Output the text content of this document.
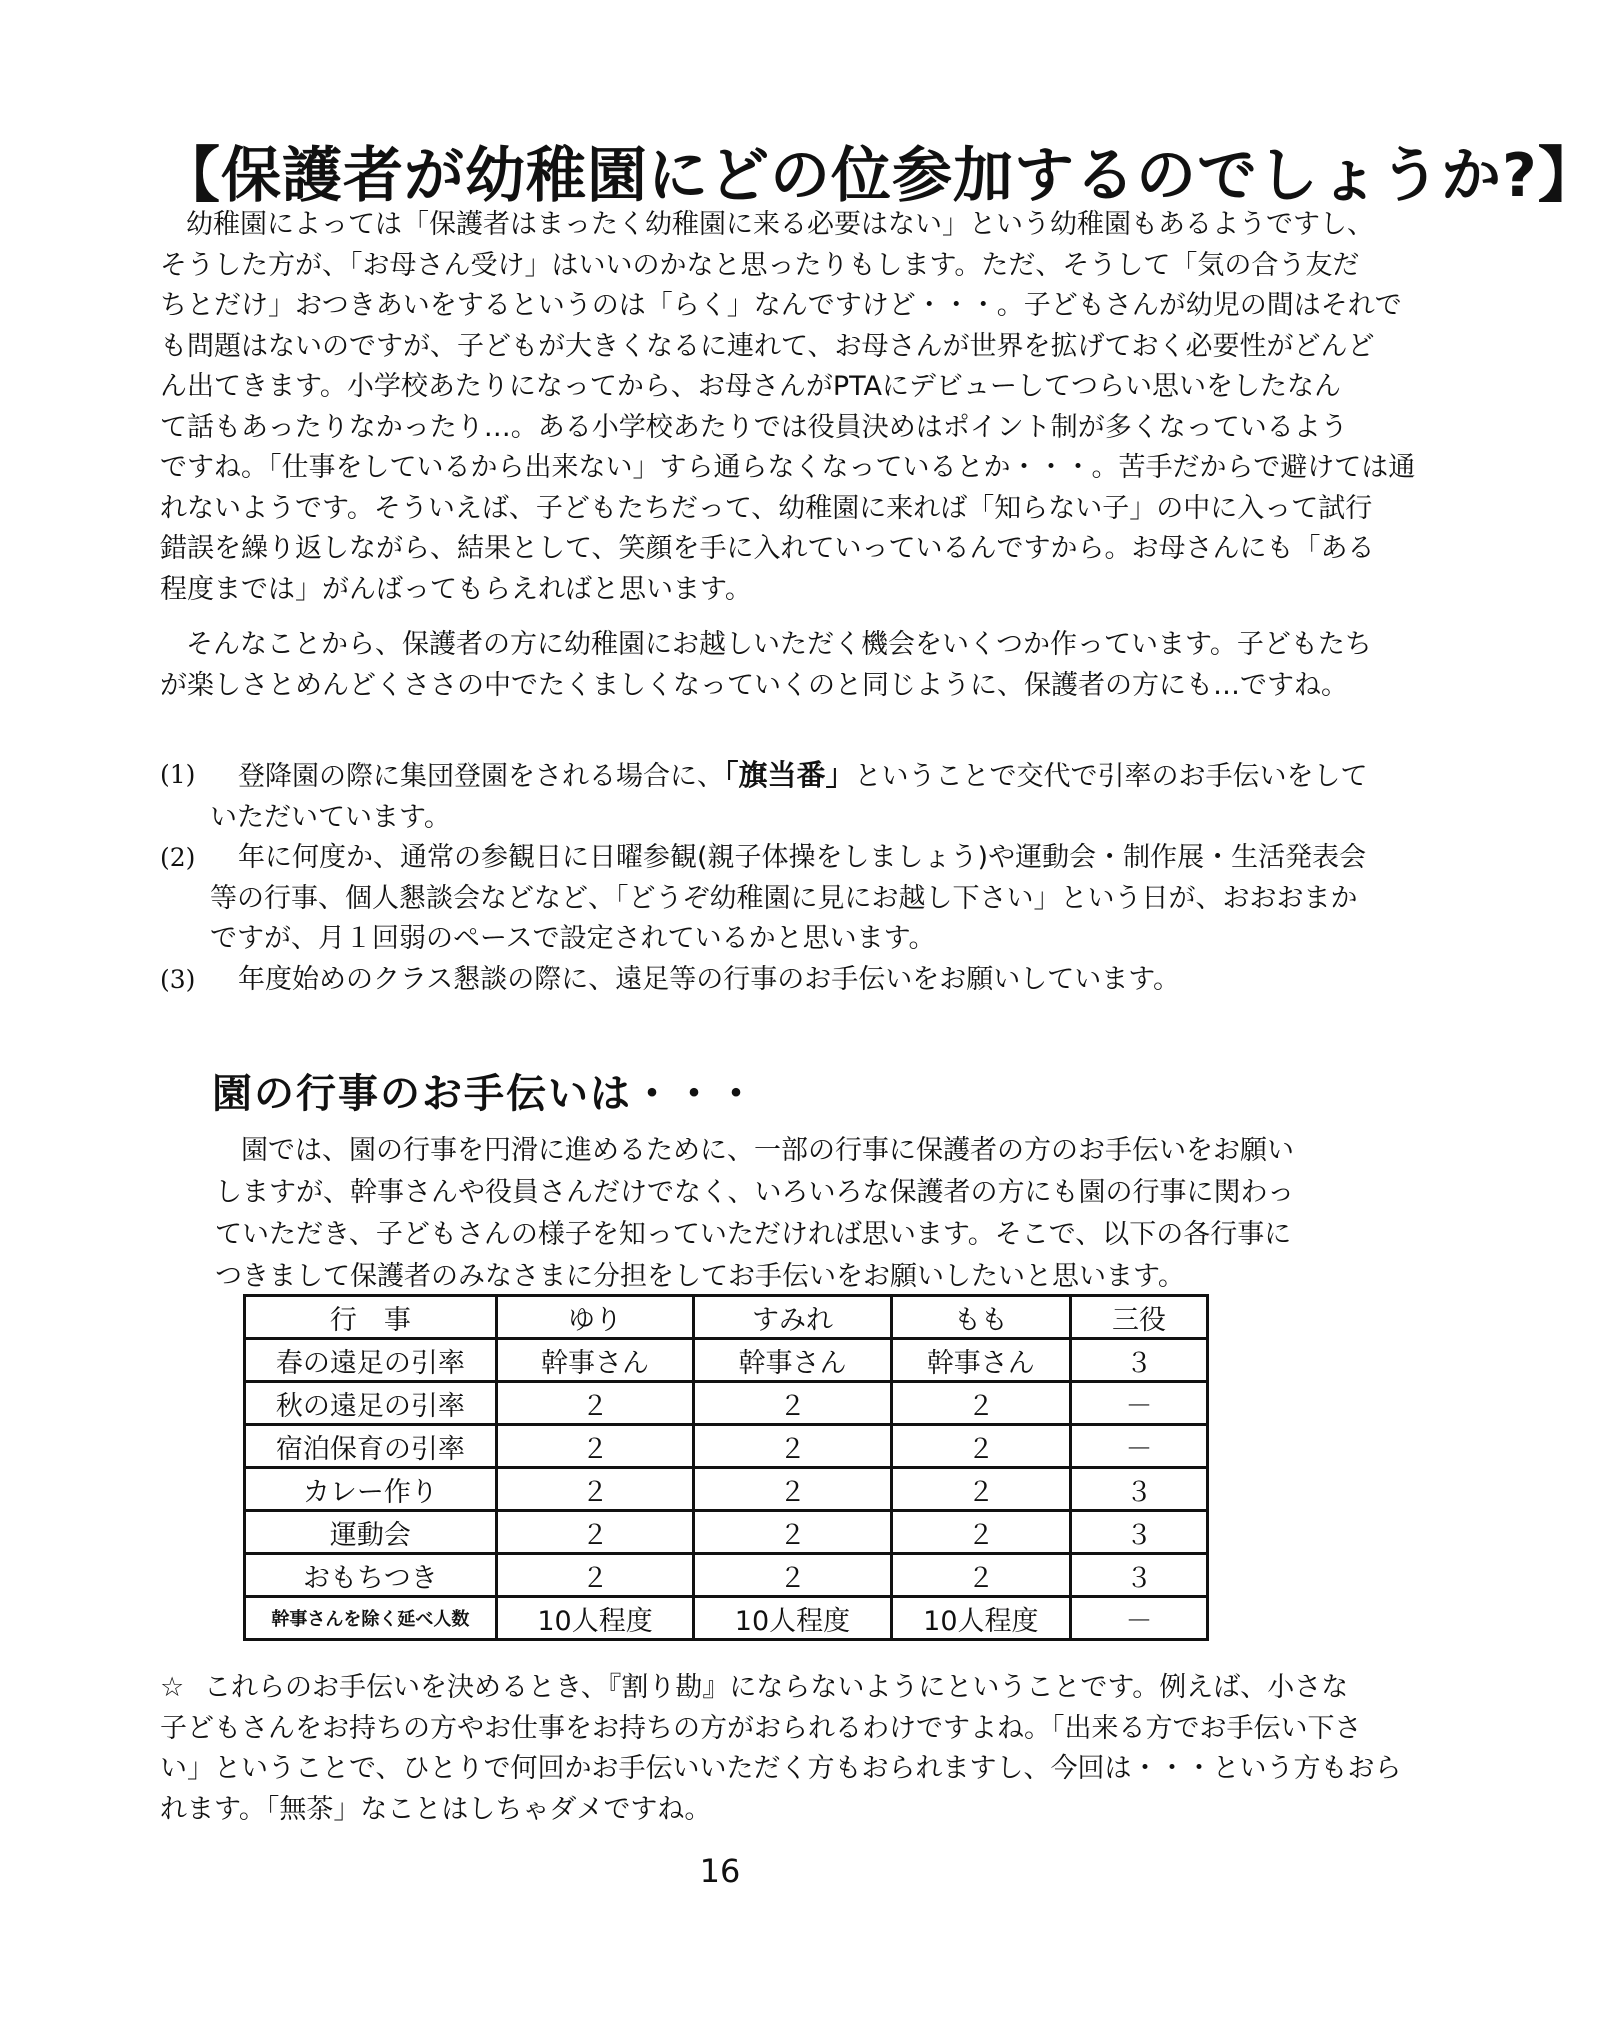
【保護者が幼稚園にどの位参加するのでしょうか?】
幼稚園によっては「保護者はまったく幼稚園に来る必要はない」という幼稚園もあるようですし、
そうした方が、「お母さん受け」はいいのかなと思ったりもします。ただ、そうして「気の合う友だ
ちとだけ」おつきあいをするというのは「らく」なんですけど・・・。子どもさんが幼児の間はそれで
も問題はないのですが、子どもが大きくなるに連れて、お母さんが世界を拡げておく必要性がどんど
ん出てきます。小学校あたりになってから、お母さんがPTAにデビューしてつらい思いをしたなん
て話もあったりなかったり…。ある小学校あたりでは役員決めはポイント制が多くなっているよう
ですね。「仕事をしているから出来ない」すら通らなくなっているとか・・・。苦手だからで避けては通
れないようです。そういえば、子どもたちだって、幼稚園に来れば「知らない子」の中に入って試行
錯誤を繰り返しながら、結果として、笑顔を手に入れていっているんですから。お母さんにも「ある
程度までは」がんばってもらえればと思います。
そんなことから、保護者の方に幼稚園にお越しいただく機会をいくつか作っています。子どもたち
が楽しさとめんどくささの中でたくましくなっていくのと同じように、保護者の方にも…ですね。
(1)	登降園の際に集団登園をされる場合に、「旗当番」ということで交代で引率のお手伝いをして
いただいています。
(2)	年に何度か、通常の参観日に日曜参観(親子体操をしましょう)や運動会・制作展・生活発表会
等の行事、個人懇談会などなど、「どうぞ幼稚園に見にお越し下さい」という日が、おおおまか
ですが、月１回弱のペースで設定されているかと思います。
(3)	年度始めのクラス懇談の際に、遠足等の行事のお手伝いをお願いしています。
園の行事のお手伝いは・・・
園では、園の行事を円滑に進めるために、一部の行事に保護者の方のお手伝いをお願い
しますが、幹事さんや役員さんだけでなく、いろいろな保護者の方にも園の行事に関わっ
ていただき、子どもさんの様子を知っていただければ思います。そこで、以下の各行事に
つきまして保護者のみなさまに分担をしてお手伝いをお願いしたいと思います。
行　事	ゆり	すみれ	もも	三役
春の遠足の引率	幹事さん	幹事さん	幹事さん	３
秋の遠足の引率	２	２	２	－
宿泊保育の引率	２	２	２	－
カレー作り	２	２	２	３
運動会	２	２	２	３
おもちつき	２	２	２	３
幹事さんを除く延べ人数	10人程度	10人程度	10人程度	－
☆ これらのお手伝いを決めるとき、『割り勘』にならないようにということです。例えば、小さな
子どもさんをお持ちの方やお仕事をお持ちの方がおられるわけですよね。「出来る方でお手伝い下さ
い」ということで、ひとりで何回かお手伝いいただく方もおられますし、今回は・・・という方もおら
れます。「無茶」なことはしちゃダメですね。
16
